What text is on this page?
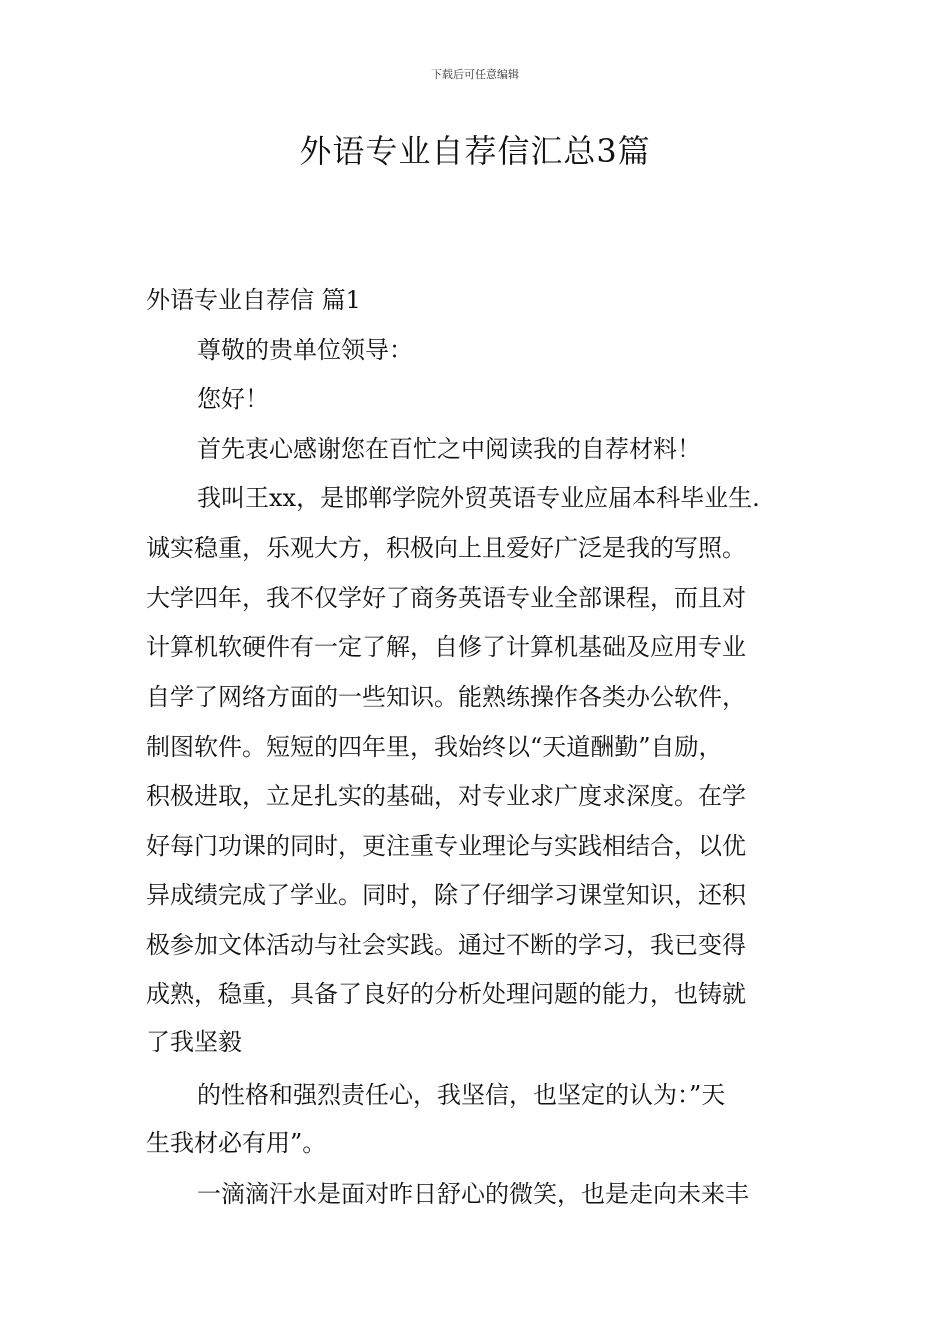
下载后可任意编辑
外语专业自荐信汇总3篇
外语专业自荐信 篇1
尊敬的贵单位领导：
您好！
首先衷心感谢您在百忙之中阅读我的自荐材料！
我叫王xx，是邯郸学院外贸英语专业应届本科毕业生.
诚实稳重，乐观大方，积极向上且爱好广泛是我的写照。
大学四年，我不仅学好了商务英语专业全部课程，而且对
计算机软硬件有一定了解，自修了计算机基础及应用专业
自学了网络方面的一些知识。能熟练操作各类办公软件，
制图软件。短短的四年里，我始终以“天道酬勤”自励，
积极进取，立足扎实的基础，对专业求广度求深度。在学
好每门功课的同时，更注重专业理论与实践相结合，以优
异成绩完成了学业。同时，除了仔细学习课堂知识，还积
极参加文体活动与社会实践。通过不断的学习，我已变得
成熟，稳重，具备了良好的分析处理问题的能力，也铸就
了我坚毅
的性格和强烈责任心，我坚信，也坚定的认为：”天
生我材必有用”。
一滴滴汗水是面对昨日舒心的微笑，也是走向未来丰
